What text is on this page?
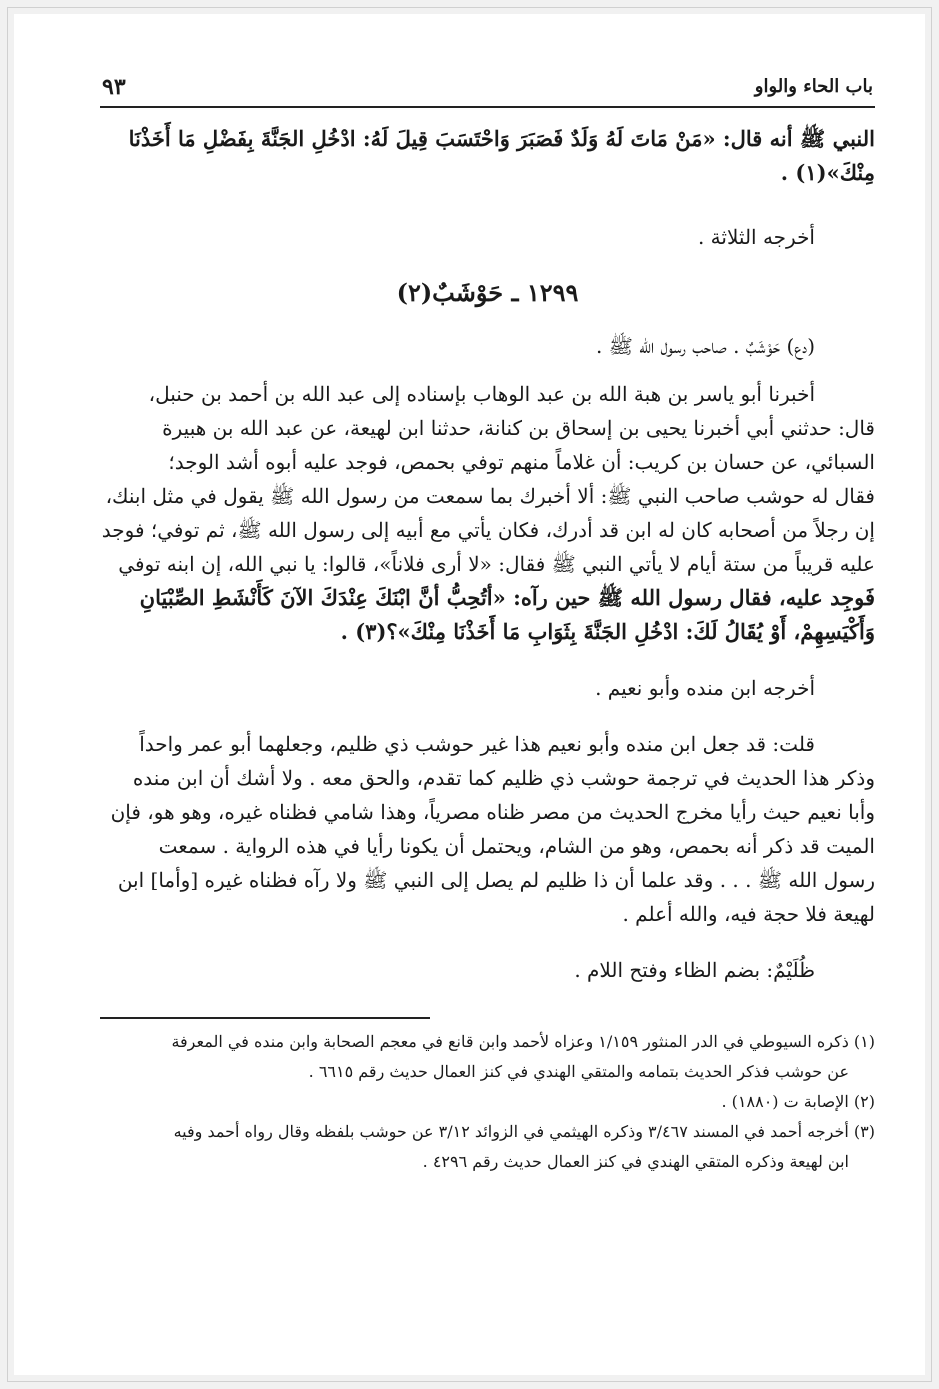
باب الحاء والواو
٩٣

النبي ﷺ أنه قال: «مَنْ مَاتَ لَهُ وَلَدٌ فَصَبَرَ وَاحْتَسَبَ قِيلَ لَهُ: ادْخُلِ الجَنَّةَ بِفَضْلِ مَا أَخَذْنَا

مِنْكَ»(١) .

أخرجه الثلاثة .

١٢٩٩ ـ حَوْشَبٌ(٢)

(دع) حَوْشَبٌ . صاحب رسول الله ﷺ .

أخبرنا أبو ياسر بن هبة الله بن عبد الوهاب بإسناده إلى عبد الله بن أحمد بن حنبل،

قال: حدثني أبي أخبرنا يحيى بن إسحاق بن كنانة، حدثنا ابن لهيعة، عن عبد الله بن هبيرة

السبائي، عن حسان بن كريب: أن غلاماً منهم توفي بحمص، فوجد عليه أبوه أشد الوجد؛

فقال له حوشب صاحب النبي ﷺ: ألا أخبرك بما سمعت من رسول الله ﷺ يقول في مثل ابنك،

إن رجلاً من أصحابه كان له ابن قد أدرك، فكان يأتي مع أبيه إلى رسول الله ﷺ، ثم توفي؛ فوجد

عليه قريباً من ستة أيام لا يأتي النبي ﷺ فقال: «لا أرى فلاناً»، قالوا: يا نبي الله، إن ابنه توفي

فَوجِد عليه، فقال رسول الله ﷺ حين رآه: «أتُحِبُّ أنَّ ابْنَكَ عِنْدَكَ الآنَ كَأَنْشَطِ الصِّبْيَانِ

وَأَكْيَسِهِمْ، أَوْ يُقَالُ لَكَ: ادْخُلِ الجَنَّةَ بِثَوَابِ مَا أَخَذْنَا مِنْكَ»؟(٣) .

أخرجه ابن منده وأبو نعيم .

قلت: قد جعل ابن منده وأبو نعيم هذا غير حوشب ذي ظليم، وجعلهما أبو عمر واحداً

وذكر هذا الحديث في ترجمة حوشب ذي ظليم كما تقدم، والحق معه . ولا أشك أن ابن منده

وأبا نعيم حيث رأيا مخرج الحديث من مصر ظناه مصرياً، وهذا شامي فظناه غيره، وهو هو، فإن

الميت قد ذكر أنه بحمص، وهو من الشام، ويحتمل أن يكونا رأيا في هذه الرواية . سمعت

رسول الله ﷺ . . . وقد علما أن ذا ظليم لم يصل إلى النبي ﷺ ولا رآه فظناه غيره [وأما] ابن

لهيعة فلا حجة فيه، والله أعلم .

ظُلَيْمٌ: بضم الظاء وفتح اللام .

(١) ذكره السيوطي في الدر المنثور ١/١٥٩ وعزاه لأحمد وابن قانع في معجم الصحابة وابن منده في المعرفة
عن حوشب فذكر الحديث بتمامه والمتقي الهندي في كنز العمال حديث رقم ٦٦١٥ .

(٢) الإصابة ت (١٨٨٠) .

(٣) أخرجه أحمد في المسند ٣/٤٦٧ وذكره الهيثمي في الزوائد ٣/١٢ عن حوشب بلفظه وقال رواه أحمد وفيه
ابن لهيعة وذكره المتقي الهندي في كنز العمال حديث رقم ٤٢٩٦ .
